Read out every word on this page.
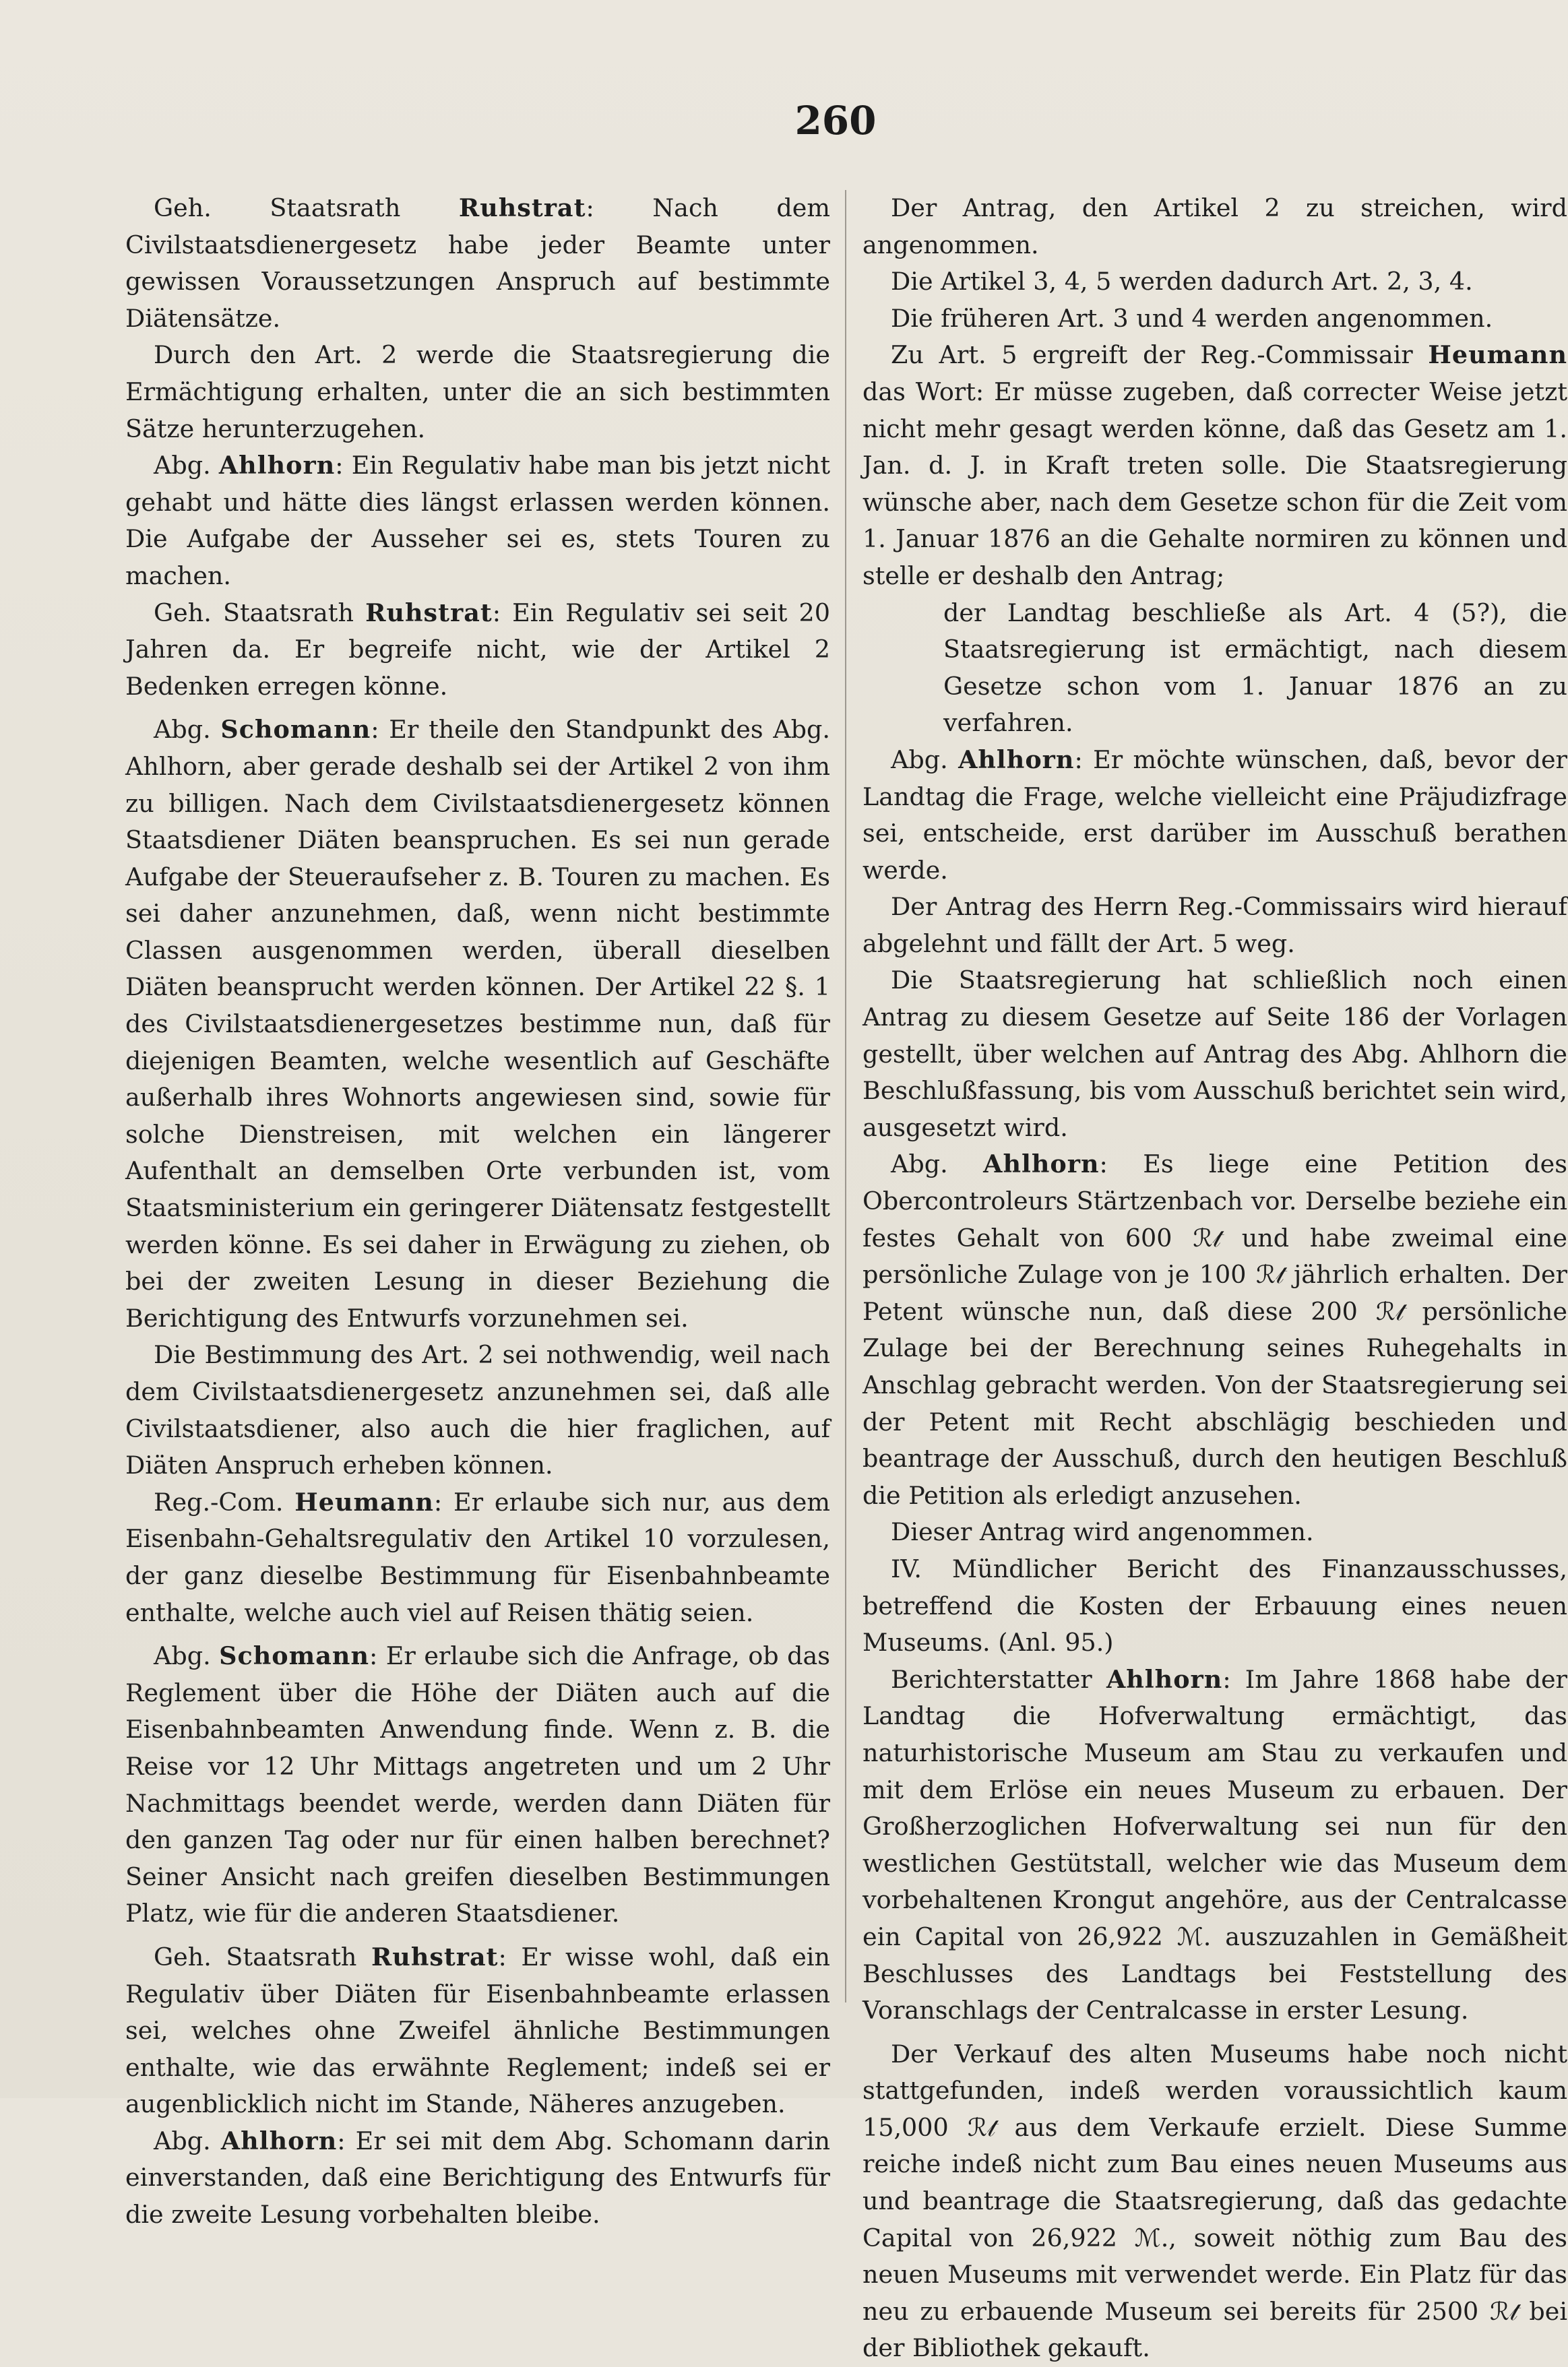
260

Geh. Staatsrath Ruhstrat: Nach dem Civilstaatsdienergesetz habe jeder Beamte unter gewissen Voraussetzungen Anspruch auf bestimmte Diätensätze.

Durch den Art. 2 werde die Staatsregierung die Ermächtigung erhalten, unter die an sich bestimmten Sätze herunterzugehen.

Abg. Ahlhorn: Ein Regulativ habe man bis jetzt nicht gehabt und hätte dies längst erlassen werden können. Die Aufgabe der Ausseher sei es, stets Touren zu machen.

Geh. Staatsrath Ruhstrat: Ein Regulativ sei seit 20 Jahren da. Er begreife nicht, wie der Artikel 2 Bedenken erregen könne.

Abg. Schomann: Er theile den Standpunkt des Abg. Ahlhorn, aber gerade deshalb sei der Artikel 2 von ihm zu billigen. Nach dem Civilstaatsdienergesetz können Staatsdiener Diäten beanspruchen. Es sei nun gerade Aufgabe der Steueraufseher z. B. Touren zu machen. Es sei daher anzunehmen, daß, wenn nicht bestimmte Classen ausgenommen werden, überall dieselben Diäten beansprucht werden können. Der Artikel 22 §. 1 des Civilstaatsdienergesetzes bestimme nun, daß für diejenigen Beamten, welche wesentlich auf Geschäfte außerhalb ihres Wohnorts angewiesen sind, sowie für solche Dienstreisen, mit welchen ein längerer Aufenthalt an demselben Orte verbunden ist, vom Staatsministerium ein geringerer Diätensatz festgestellt werden könne. Es sei daher in Erwägung zu ziehen, ob bei der zweiten Lesung in dieser Beziehung die Berichtigung des Entwurfs vorzunehmen sei.

Die Bestimmung des Art. 2 sei nothwendig, weil nach dem Civilstaatsdienergesetz anzunehmen sei, daß alle Civilstaatsdiener, also auch die hier fraglichen, auf Diäten Anspruch erheben können.

Reg.-Com. Heumann: Er erlaube sich nur, aus dem Eisenbahn-Gehaltsregulativ den Artikel 10 vorzulesen, der ganz dieselbe Bestimmung für Eisenbahnbeamte enthalte, welche auch viel auf Reisen thätig seien.

Abg. Schomann: Er erlaube sich die Anfrage, ob das Reglement über die Höhe der Diäten auch auf die Eisenbahnbeamten Anwendung finde. Wenn z. B. die Reise vor 12 Uhr Mittags angetreten und um 2 Uhr Nachmittags beendet werde, werden dann Diäten für den ganzen Tag oder nur für einen halben berechnet? Seiner Ansicht nach greifen dieselben Bestimmungen Platz, wie für die anderen Staatsdiener.

Geh. Staatsrath Ruhstrat: Er wisse wohl, daß ein Regulativ über Diäten für Eisenbahnbeamte erlassen sei, welches ohne Zweifel ähnliche Bestimmungen enthalte, wie das erwähnte Reglement; indeß sei er augenblicklich nicht im Stande, Näheres anzugeben.

Abg. Ahlhorn: Er sei mit dem Abg. Schomann darin einverstanden, daß eine Berichtigung des Entwurfs für die zweite Lesung vorbehalten bleibe.

Der Antrag, den Artikel 2 zu streichen, wird angenommen.

Die Artikel 3, 4, 5 werden dadurch Art. 2, 3, 4.

Die früheren Art. 3 und 4 werden angenommen.

Zu Art. 5 ergreift der Reg.-Commissair Heumann das Wort: Er müsse zugeben, daß correcter Weise jetzt nicht mehr gesagt werden könne, daß das Gesetz am 1. Jan. d. J. in Kraft treten solle. Die Staatsregierung wünsche aber, nach dem Gesetze schon für die Zeit vom 1. Januar 1876 an die Gehalte normiren zu können und stelle er deshalb den Antrag;

der Landtag beschließe als Art. 4 (5?), die Staatsregierung ist ermächtigt, nach diesem Gesetze schon vom 1. Januar 1876 an zu verfahren.

Abg. Ahlhorn: Er möchte wünschen, daß, bevor der Landtag die Frage, welche vielleicht eine Präjudizfrage sei, entscheide, erst darüber im Ausschuß berathen werde.

Der Antrag des Herrn Reg.-Commissairs wird hierauf abgelehnt und fällt der Art. 5 weg.

Die Staatsregierung hat schließlich noch einen Antrag zu diesem Gesetze auf Seite 186 der Vorlagen gestellt, über welchen auf Antrag des Abg. Ahlhorn die Beschlußfassung, bis vom Ausschuß berichtet sein wird, ausgesetzt wird.

Abg. Ahlhorn: Es liege eine Petition des Obercontroleurs Stärtzenbach vor. Derselbe beziehe ein festes Gehalt von 600 ℛ𝓉 und habe zweimal eine persönliche Zulage von je 100 ℛ𝓉 jährlich erhalten. Der Petent wünsche nun, daß diese 200 ℛ𝓉 persönliche Zulage bei der Berechnung seines Ruhegehalts in Anschlag gebracht werden. Von der Staatsregierung sei der Petent mit Recht abschlägig beschieden und beantrage der Ausschuß, durch den heutigen Beschluß die Petition als erledigt anzusehen.

Dieser Antrag wird angenommen.

IV. Mündlicher Bericht des Finanzausschusses, betreffend die Kosten der Erbauung eines neuen Museums. (Anl. 95.)

Berichterstatter Ahlhorn: Im Jahre 1868 habe der Landtag die Hofverwaltung ermächtigt, das naturhistorische Museum am Stau zu verkaufen und mit dem Erlöse ein neues Museum zu erbauen. Der Großherzoglichen Hofverwaltung sei nun für den westlichen Gestütstall, welcher wie das Museum dem vorbehaltenen Krongut angehöre, aus der Centralcasse ein Capital von 26,922 ℳ. auszuzahlen in Gemäßheit Beschlusses des Landtags bei Feststellung des Voranschlags der Centralcasse in erster Lesung.

Der Verkauf des alten Museums habe noch nicht stattgefunden, indeß werden voraussichtlich kaum 15,000 ℛ𝓉 aus dem Verkaufe erzielt. Diese Summe reiche indeß nicht zum Bau eines neuen Museums aus und beantrage die Staatsregierung, daß das gedachte Capital von 26,922 ℳ., soweit nöthig zum Bau des neuen Museums mit verwendet werde. Ein Platz für das neu zu erbauende Museum sei bereits für 2500 ℛ𝓉 bei der Bibliothek gekauft.
